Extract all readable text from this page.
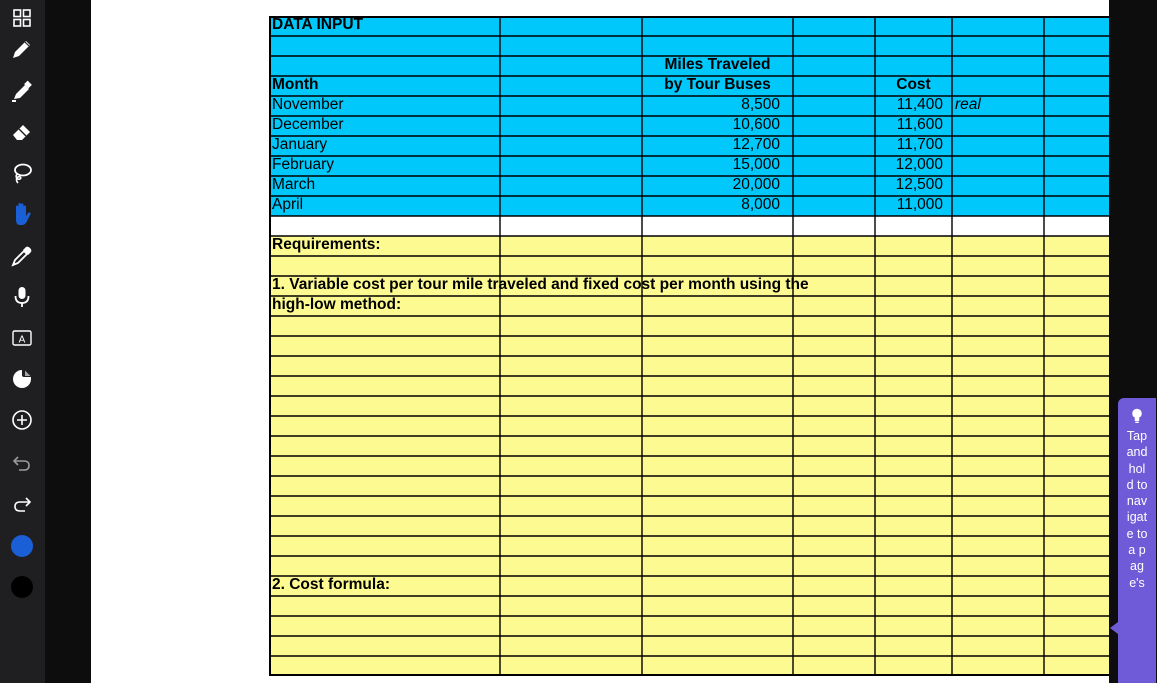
A
DATA INPUT
Miles Traveled
Month	by Tour Buses	Cost
November	8,500	11,400 real
December	10,600	11,600
January	12,700	11,700
February	15,000	12,000
March	20,000	12,500
April	8,000	11,000
Requirements:
1. Variable cost per tour mile traveled and fixed cost per month using the
high-low method:
2. Cost formula:
Tap and hold to navigate to a page's
